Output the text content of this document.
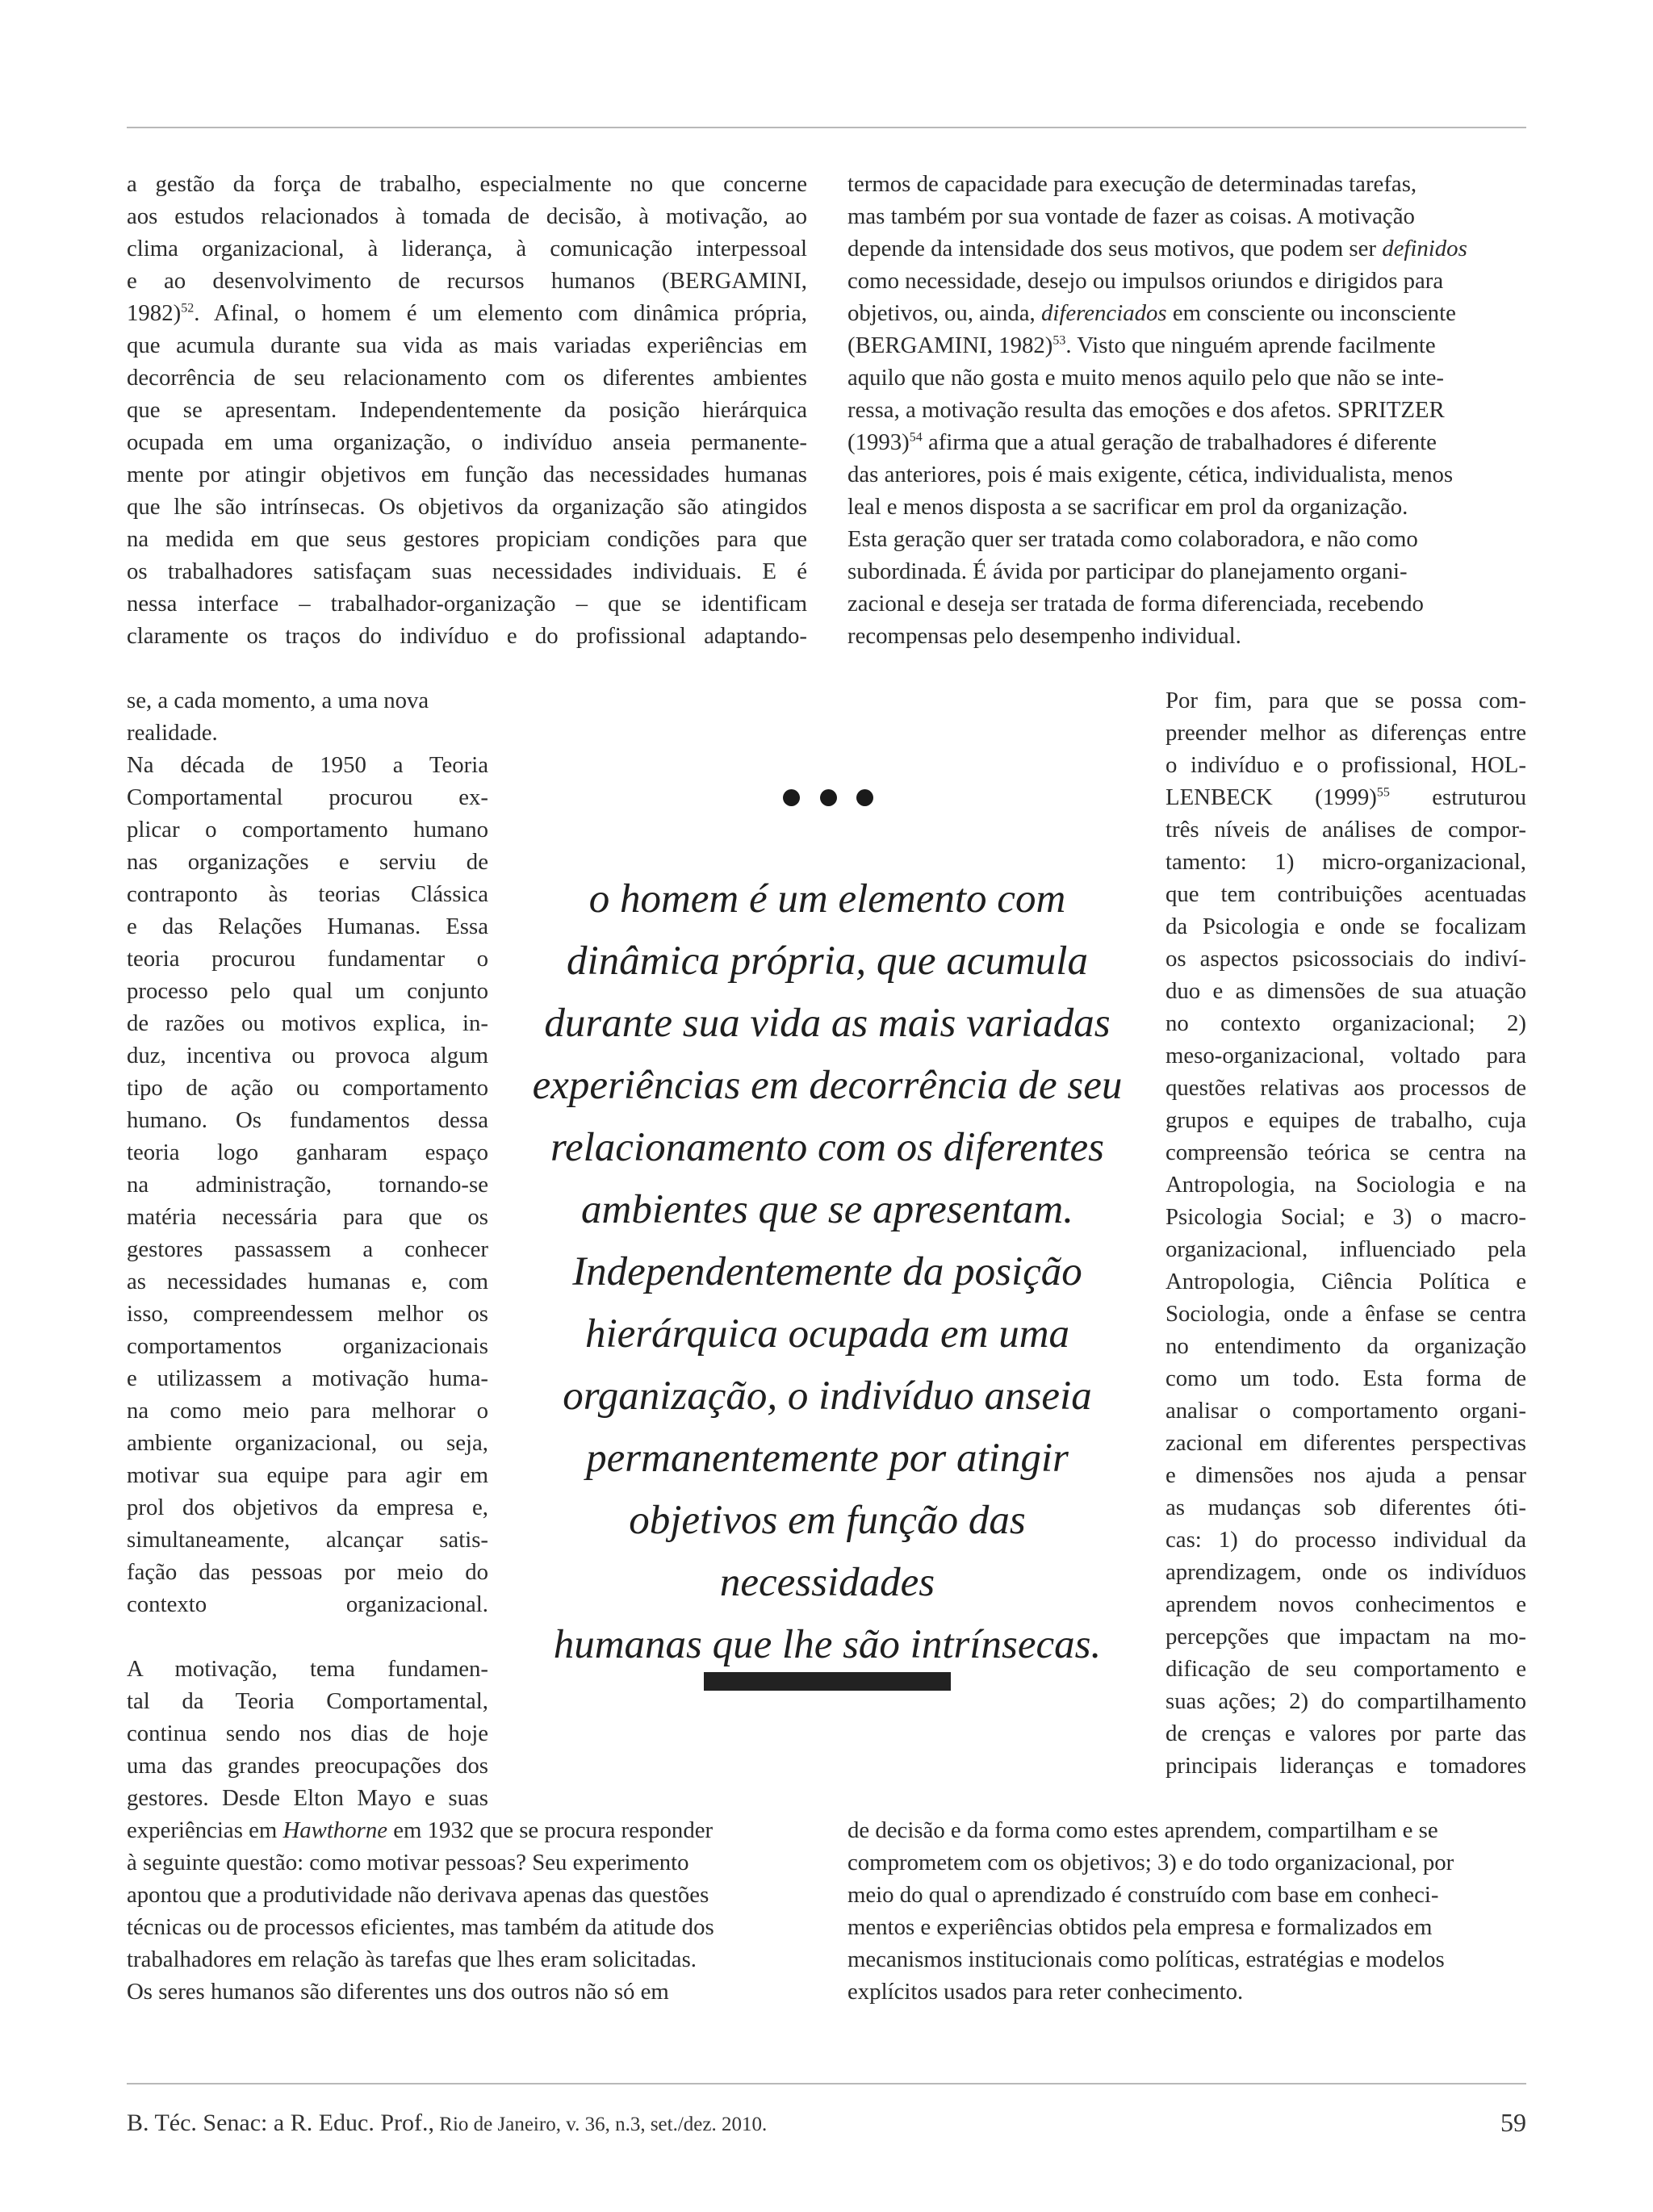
a gestão da força de trabalho, especialmente no que concerne
aos estudos relacionados à tomada de decisão, à motivação, ao
clima organizacional, à liderança, à comunicação interpessoal
e ao desenvolvimento de recursos humanos (BERGAMINI,
1982)$^{52}$. Afinal, o homem é um elemento com dinâmica própria,
que acumula durante sua vida as mais variadas experiências em
decorrência de seu relacionamento com os diferentes ambientes
que se apresentam. Independentemente da posição hierárquica
ocupada em uma organização, o indivíduo anseia permanente-
mente por atingir objetivos em função das necessidades humanas
que lhe são intrínsecas. Os objetivos da organização são atingidos
na medida em que seus gestores propiciam condições para que
os trabalhadores satisfaçam suas necessidades individuais. E é
nessa interface – trabalhador-organização – que se identificam
claramente os traços do indivíduo e do profissional adaptando-

se, a cada momento, a uma nova
realidade.

Na década de 1950 a Teoria
Comportamental procurou ex-
plicar o comportamento humano
nas organizações e serviu de
contraponto às teorias Clássica
e das Relações Humanas. Essa
teoria procurou fundamentar o
processo pelo qual um conjunto
de razões ou motivos explica, in-
duz, incentiva ou provoca algum
tipo de ação ou comportamento
humano. Os fundamentos dessa
teoria logo ganharam espaço
na administração, tornando-se
matéria necessária para que os
gestores passassem a conhecer
as necessidades humanas e, com
isso, compreendessem melhor os
comportamentos organizacionais
e utilizassem a motivação huma-
na como meio para melhorar o
ambiente organizacional, ou seja,
motivar sua equipe para agir em
prol dos objetivos da empresa e,
simultaneamente, alcançar satis-
fação das pessoas por meio do
contexto organizacional.

A motivação, tema fundamen-
tal da Teoria Comportamental,
continua sendo nos dias de hoje
uma das grandes preocupações dos
gestores. Desde Elton Mayo e suas

experiências em Hawthorne em 1932 que se procura responder
à seguinte questão: como motivar pessoas? Seu experimento
apontou que a produtividade não derivava apenas das questões
técnicas ou de processos eficientes, mas também da atitude dos
trabalhadores em relação às tarefas que lhes eram solicitadas.
Os seres humanos são diferentes uns dos outros não só em

termos de capacidade para execução de determinadas tarefas,
mas também por sua vontade de fazer as coisas. A motivação
depende da intensidade dos seus motivos, que podem ser definidos
como necessidade, desejo ou impulsos oriundos e dirigidos para
objetivos, ou, ainda, diferenciados em consciente ou inconsciente
(BERGAMINI, 1982)$^{53}$. Visto que ninguém aprende facilmente
aquilo que não gosta e muito menos aquilo pelo que não se inte-
ressa, a motivação resulta das emoções e dos afetos. SPRITZER
$(1993)^{54}$ afirma que a atual geração de trabalhadores é diferente
das anteriores, pois é mais exigente, cética, individualista, menos
leal e menos disposta a se sacrificar em prol da organização.
Esta geração quer ser tratada como colaboradora, e não como
subordinada. É ávida por participar do planejamento organi-
zacional e deseja ser tratada de forma diferenciada, recebendo
recompensas pelo desempenho individual.

Por fim, para que se possa com-
preender melhor as diferenças entre
o indivíduo e o profissional, HOL-
LENBECK $(1999)^{55}$ estruturou
três níveis de análises de compor-
tamento: 1) micro-organizacional,
que tem contribuições acentuadas
da Psicologia e onde se focalizam
os aspectos psicossociais do indiví-
duo e as dimensões de sua atuação
no contexto organizacional; 2)
meso-organizacional, voltado para
questões relativas aos processos de
grupos e equipes de trabalho, cuja
compreensão teórica se centra na
Antropologia, na Sociologia e na
Psicologia Social; e 3) o macro-
organizacional, influenciado pela
Antropologia, Ciência Política e
Sociologia, onde a ênfase se centra
no entendimento da organização
como um todo. Esta forma de
analisar o comportamento organi-
zacional em diferentes perspectivas
e dimensões nos ajuda a pensar
as mudanças sob diferentes óti-
cas: 1) do processo individual da
aprendizagem, onde os indivíduos
aprendem novos conhecimentos e
percepções que impactam na mo-
dificação de seu comportamento e
suas ações; 2) do compartilhamento
de crenças e valores por parte das
principais lideranças e tomadores

de decisão e da forma como estes aprendem, compartilham e se
comprometem com os objetivos; 3) e do todo organizacional, por
meio do qual o aprendizado é construído com base em conheci-
mentos e experiências obtidos pela empresa e formalizados em
mecanismos institucionais como políticas, estratégias e modelos
explícitos usados para reter conhecimento.

o homem é um elemento com
dinâmica própria, que acumula
durante sua vida as mais variadas
experiências em decorrência de seu
relacionamento com os diferentes
ambientes que se apresentam.
Independentemente da posição
hierárquica ocupada em uma
organização, o indivíduo anseia
permanentemente por atingir
objetivos em função das necessidades
humanas que lhe são intrínsecas.

B. Téc. Senac: a R. Educ. Prof., Rio de Janeiro, v. 36, n.3, set./dez. 2010.	59
